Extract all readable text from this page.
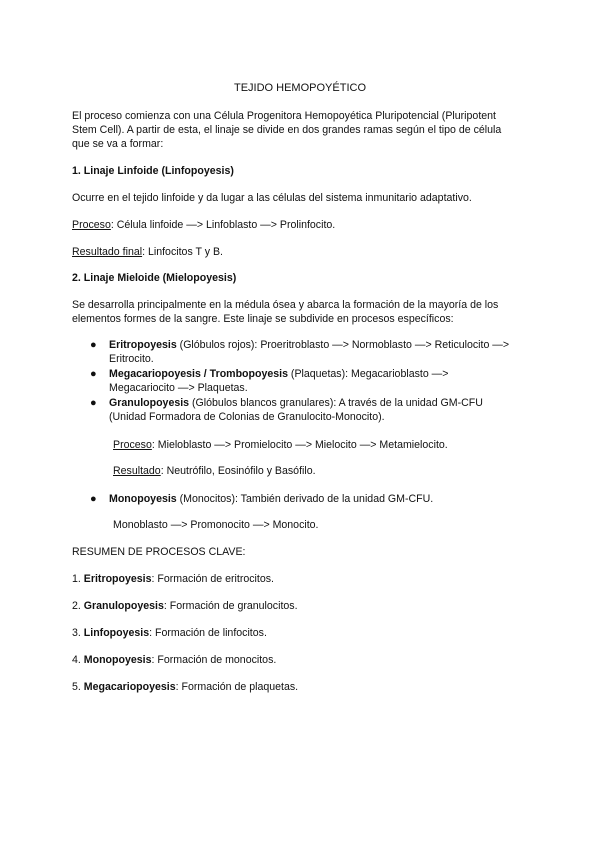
TEJIDO HEMOPOYÉTICO
El proceso comienza con una Célula Progenitora Hemopoyética Pluripotencial (Pluripotent
Stem Cell). A partir de esta, el linaje se divide en dos grandes ramas según el tipo de célula
que se va a formar:
1. Linaje Linfoide (Linfopoyesis)
Ocurre en el tejido linfoide y da lugar a las células del sistema inmunitario adaptativo.
Proceso: Célula linfoide —> Linfoblasto —> Prolinfocito.
Resultado final: Linfocitos T y B.
2. Linaje Mieloide (Mielopoyesis)
Se desarrolla principalmente en la médula ósea y abarca la formación de la mayoría de los
elementos formes de la sangre. Este linaje se subdivide en procesos específicos:
● Eritropoyesis (Glóbulos rojos): Proeritroblasto —> Normoblasto —> Reticulocito —>
Eritrocito.
● Megacariopoyesis / Trombopoyesis (Plaquetas): Megacarioblasto —>
Megacariocito —> Plaquetas.
● Granulopoyesis (Glóbulos blancos granulares): A través de la unidad GM-CFU
(Unidad Formadora de Colonias de Granulocito-Monocito).
Proceso: Mieloblasto —> Promielocito —> Mielocito —> Metamielocito.
Resultado: Neutrófilo, Eosinófilo y Basófilo.
● Monopoyesis (Monocitos): También derivado de la unidad GM-CFU.
Monoblasto —> Promonocito —> Monocito.
RESUMEN DE PROCESOS CLAVE:
1. Eritropoyesis: Formación de eritrocitos.
2. Granulopoyesis: Formación de granulocitos.
3. Linfopoyesis: Formación de linfocitos.
4. Monopoyesis: Formación de monocitos.
5. Megacariopoyesis: Formación de plaquetas.
